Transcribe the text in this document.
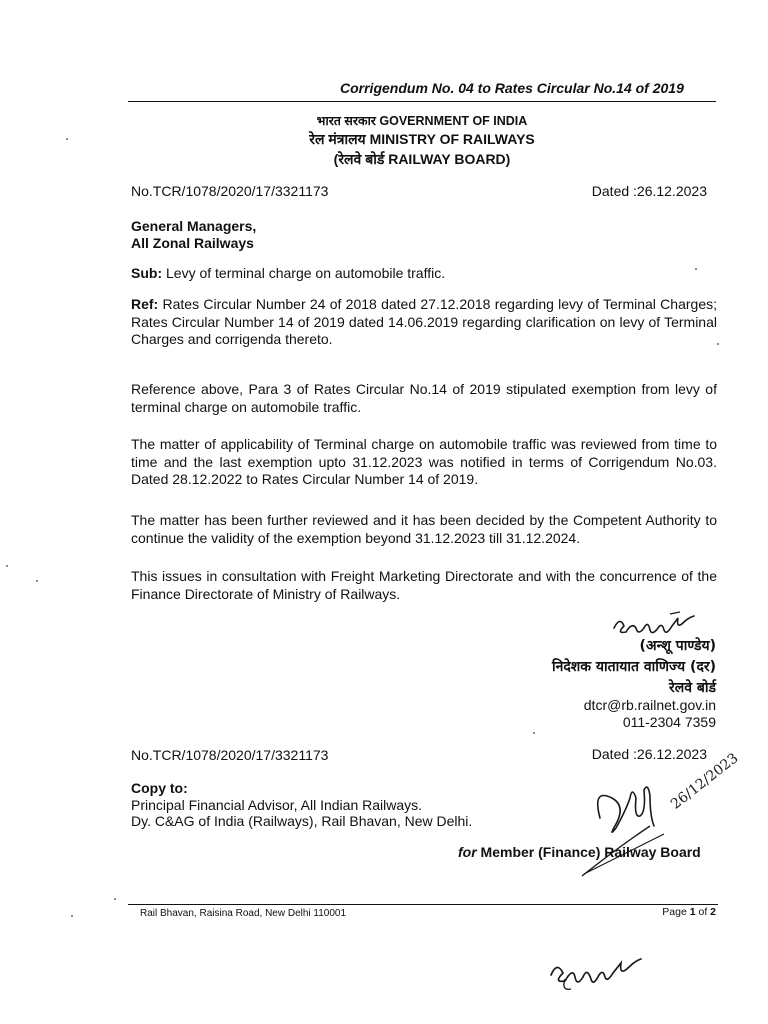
Corrigendum No. 04 to Rates Circular No.14 of 2019
भारत सरकार GOVERNMENT OF INDIA
रेल मंत्रालय MINISTRY OF RAILWAYS
(रेलवे बोर्ड RAILWAY BOARD)
No.TCR/1078/2020/17/3321173	Dated :26.12.2023
General Managers,
All Zonal Railways
Sub: Levy of terminal charge on automobile traffic.
Ref: Rates Circular Number 24 of 2018 dated 27.12.2018 regarding levy of Terminal Charges; Rates Circular Number 14 of 2019 dated 14.06.2019 regarding clarification on levy of Terminal Charges and corrigenda thereto.
Reference above, Para 3 of Rates Circular No.14 of 2019 stipulated exemption from levy of terminal charge on automobile traffic.
The matter of applicability of Terminal charge on automobile traffic was reviewed from time to time and the last exemption upto 31.12.2023 was notified in terms of Corrigendum No.03. Dated 28.12.2022 to Rates Circular Number 14 of 2019.
The matter has been further reviewed and it has been decided by the Competent Authority to continue the validity of the exemption beyond 31.12.2023 till 31.12.2024.
This issues in consultation with Freight Marketing Directorate and with the concurrence of the Finance Directorate of Ministry of Railways.
(अन्शू पाण्डेय)
निदेशक यातायात वाणिज्य (दर)
रेलवे बोर्ड
dtcr@rb.railnet.gov.in
011-2304 7359
No.TCR/1078/2020/17/3321173	Dated :26.12.2023
Copy to:
Principal Financial Advisor, All Indian Railways.
Dy. C&AG of India (Railways), Rail Bhavan, New Delhi.
26/12/2023
for Member (Finance) Railway Board
Rail Bhavan, Raisina Road, New Delhi 110001	Page 1 of 2
